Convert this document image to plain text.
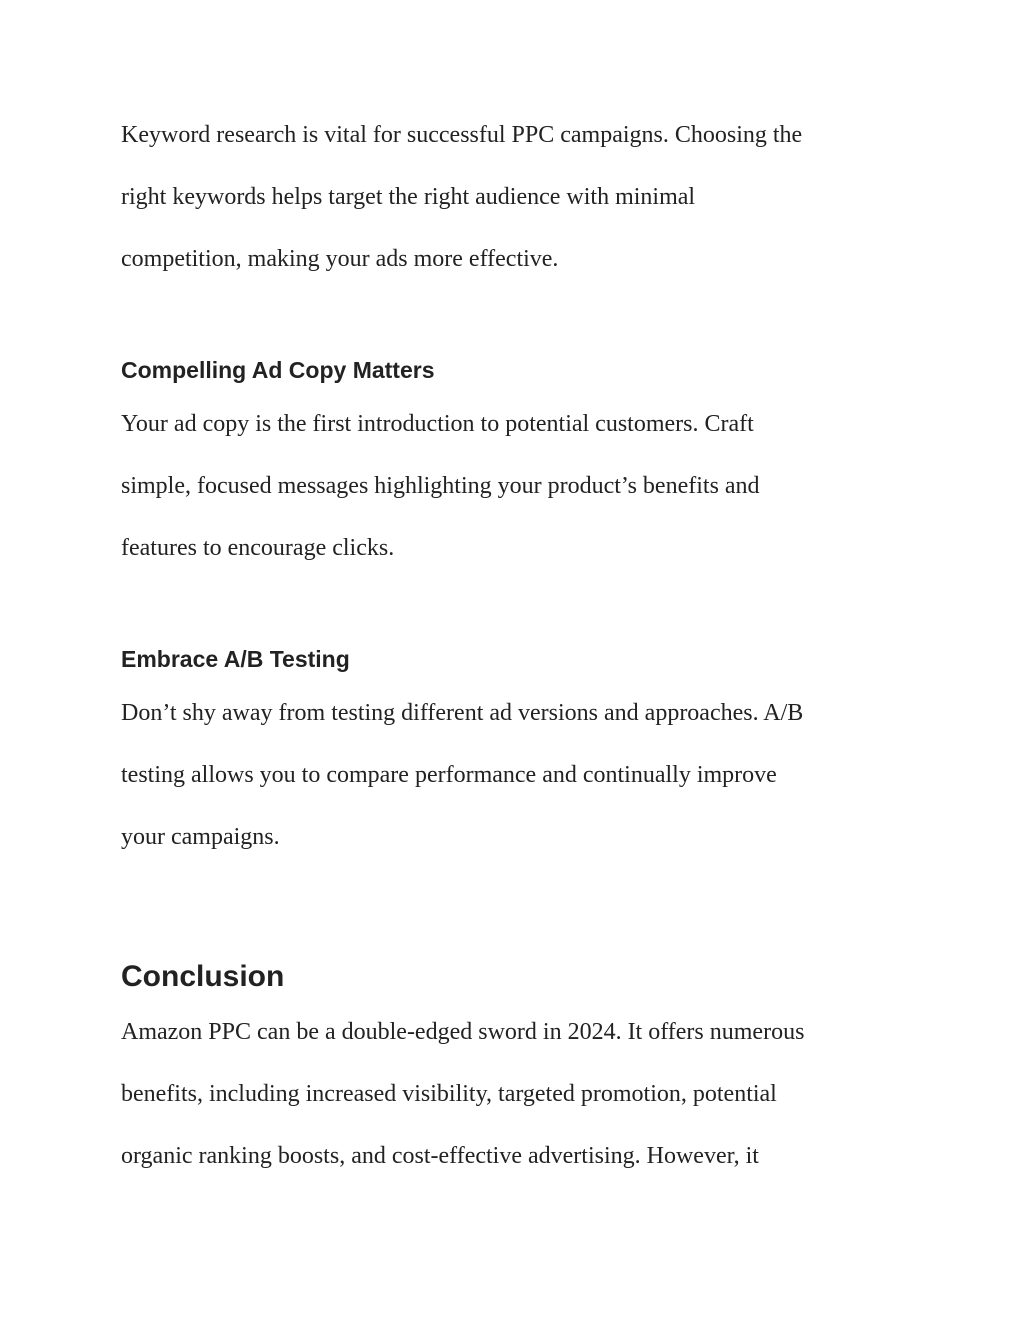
Keyword research is vital for successful PPC campaigns. Choosing the
right keywords helps target the right audience with minimal
competition, making your ads more effective.

Compelling Ad Copy Matters

Your ad copy is the first introduction to potential customers. Craft
simple, focused messages highlighting your product’s benefits and
features to encourage clicks.

Embrace A/B Testing

Don’t shy away from testing different ad versions and approaches. A/B
testing allows you to compare performance and continually improve
your campaigns.

Conclusion

Amazon PPC can be a double-edged sword in 2024. It offers numerous
benefits, including increased visibility, targeted promotion, potential
organic ranking boosts, and cost-effective advertising. However, it
